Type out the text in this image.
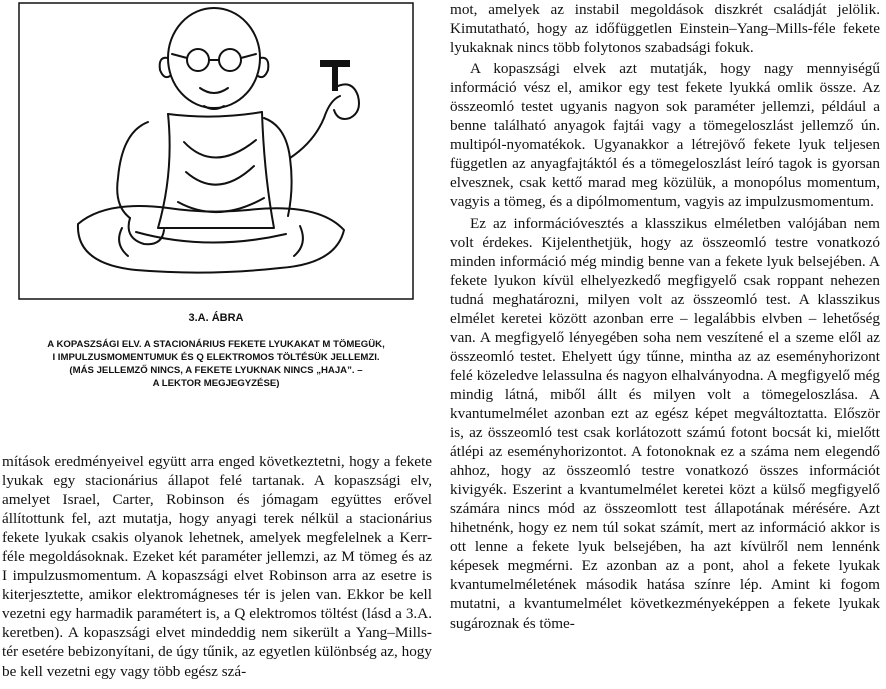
3.A. ÁBRA
A KOPASZSÁGI ELV. A STACIONÁRIUS FEKETE LYUKAKAT M TÖMEGÜK,
I IMPULZUSMOMENTUMUK ÉS Q ELEKTROMOS TÖLTÉSÜK JELLEMZI.
(MÁS JELLEMZŐ NINCS, A FEKETE LYUKNAK NINCS „HAJA”. –
A LEKTOR MEGJEGYZÉSE)

mítások eredményeivel együtt arra enged következtetni, hogy a fekete lyukak egy stacionárius állapot felé tartanak. A kopaszsági elv, amelyet Israel, Carter, Robinson és jómagam együttes erővel állítottunk fel, azt mutatja, hogy anyagi terek nélkül a stacionárius fekete lyukak csakis olyanok lehetnek, amelyek megfelelnek a Kerr-féle megoldásoknak. Ezeket két paraméter jellemzi, az M tömeg és az I impulzusmomentum. A kopaszsági elvet Robinson arra az esetre is kiterjesztette, amikor elektromágneses tér is jelen van. Ekkor be kell vezetni egy harmadik paramétert is, a Q elektromos töltést (lásd a 3.A. keretben). A kopaszsági elvet mindeddig nem sikerült a Yang–Mills-tér esetére bebizonyítani, de úgy tűnik, az egyetlen különbség az, hogy be kell vezetni egy vagy több egész szá-

mot, amelyek az instabil megoldások diszkrét családját jelölik. Kimutatható, hogy az időfüggetlen Einstein–Yang–Mills-féle fekete lyukaknak nincs több folytonos szabadsági fokuk.

A kopaszsági elvek azt mutatják, hogy nagy mennyiségű információ vész el, amikor egy test fekete lyukká omlik össze. Az összeomló testet ugyanis nagyon sok paraméter jellemzi, például a benne található anyagok fajtái vagy a tömegeloszlást jellemző ún. multipól-nyomatékok. Ugyanakkor a létrejövő fekete lyuk teljesen független az anyagfajtáktól és a tömegeloszlást leíró tagok is gyorsan elvesznek, csak kettő marad meg közülük, a monopólus momentum, vagyis a tömeg, és a dipólmomentum, vagyis az impulzusmomentum.

Ez az információvesztés a klasszikus elméletben valójában nem volt érdekes. Kijelenthetjük, hogy az összeomló testre vonatkozó minden információ még mindig benne van a fekete lyuk belsejében. A fekete lyukon kívül elhelyezkedő megfigyelő csak roppant nehezen tudná meghatározni, milyen volt az összeomló test. A klasszikus elmélet keretei között azonban erre – legalábbis elvben – lehetőség van. A megfigyelő lényegében soha nem veszítené el a szeme elől az összeomló testet. Ehelyett úgy tűnne, mintha az az eseményhorizont felé közeledve lelassulna és nagyon elhalványodna. A megfigyelő még mindig látná, miből állt és milyen volt a tömegeloszlása. A kvantumelmélet azonban ezt az egész képet megváltoztatta. Először is, az összeomló test csak korlátozott számú fotont bocsát ki, mielőtt átlépi az eseményhorizontot. A fotonoknak ez a száma nem elegendő ahhoz, hogy az összeomló testre vonatkozó összes információt kivigyék. Eszerint a kvantumelmélet keretei közt a külső megfigyelő számára nincs mód az összeomlott test állapotának mérésére. Azt hihetnénk, hogy ez nem túl sokat számít, mert az információ akkor is ott lenne a fekete lyuk belsejében, ha azt kívülről nem lennénk képesek megmérni. Ez azonban az a pont, ahol a fekete lyukak kvantumelméletének második hatása színre lép. Amint ki fogom mutatni, a kvantumelmélet következményeképpen a fekete lyukak sugároznak és töme-
